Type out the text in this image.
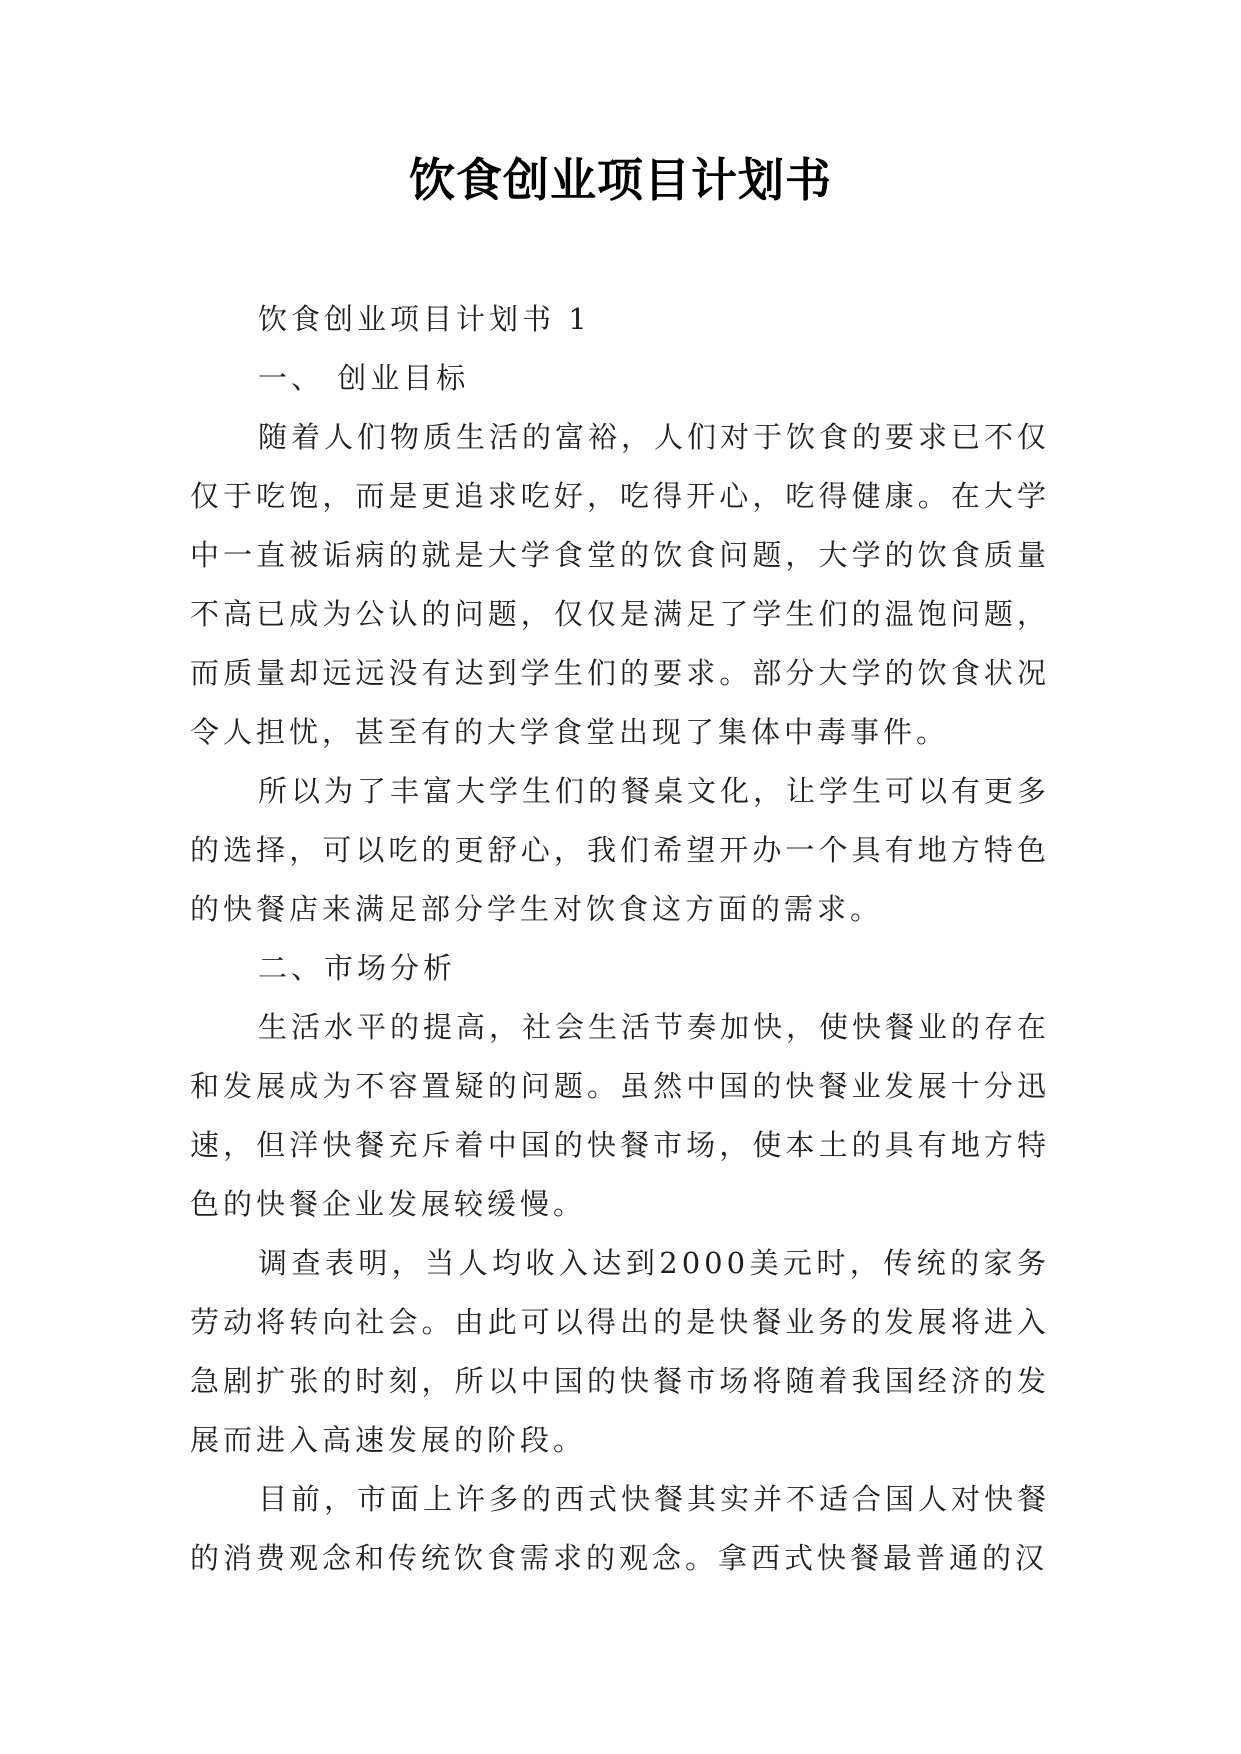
饮食创业项目计划书

饮食创业项目计划书 1

一、 创业目标

随着人们物质生活的富裕，人们对于饮食的要求已不仅仅于吃饱，而是更追求吃好，吃得开心，吃得健康。在大学中一直被诟病的就是大学食堂的饮食问题，大学的饮食质量不高已成为公认的问题，仅仅是满足了学生们的温饱问题，而质量却远远没有达到学生们的要求。部分大学的饮食状况令人担忧，甚至有的大学食堂出现了集体中毒事件。

所以为了丰富大学生们的餐桌文化，让学生可以有更多的选择，可以吃的更舒心，我们希望开办一个具有地方特色的快餐店来满足部分学生对饮食这方面的需求。

二、市场分析

生活水平的提高，社会生活节奏加快，使快餐业的存在和发展成为不容置疑的问题。虽然中国的快餐业发展十分迅速，但洋快餐充斥着中国的快餐市场，使本土的具有地方特色的快餐企业发展较缓慢。

调查表明，当人均收入达到2000美元时，传统的家务劳动将转向社会。由此可以得出的是快餐业务的发展将进入急剧扩张的时刻，所以中国的快餐市场将随着我国经济的发展而进入高速发展的阶段。

目前，市面上许多的西式快餐其实并不适合国人对快餐的消费观念和传统饮食需求的观念。拿西式快餐最普通的汉
